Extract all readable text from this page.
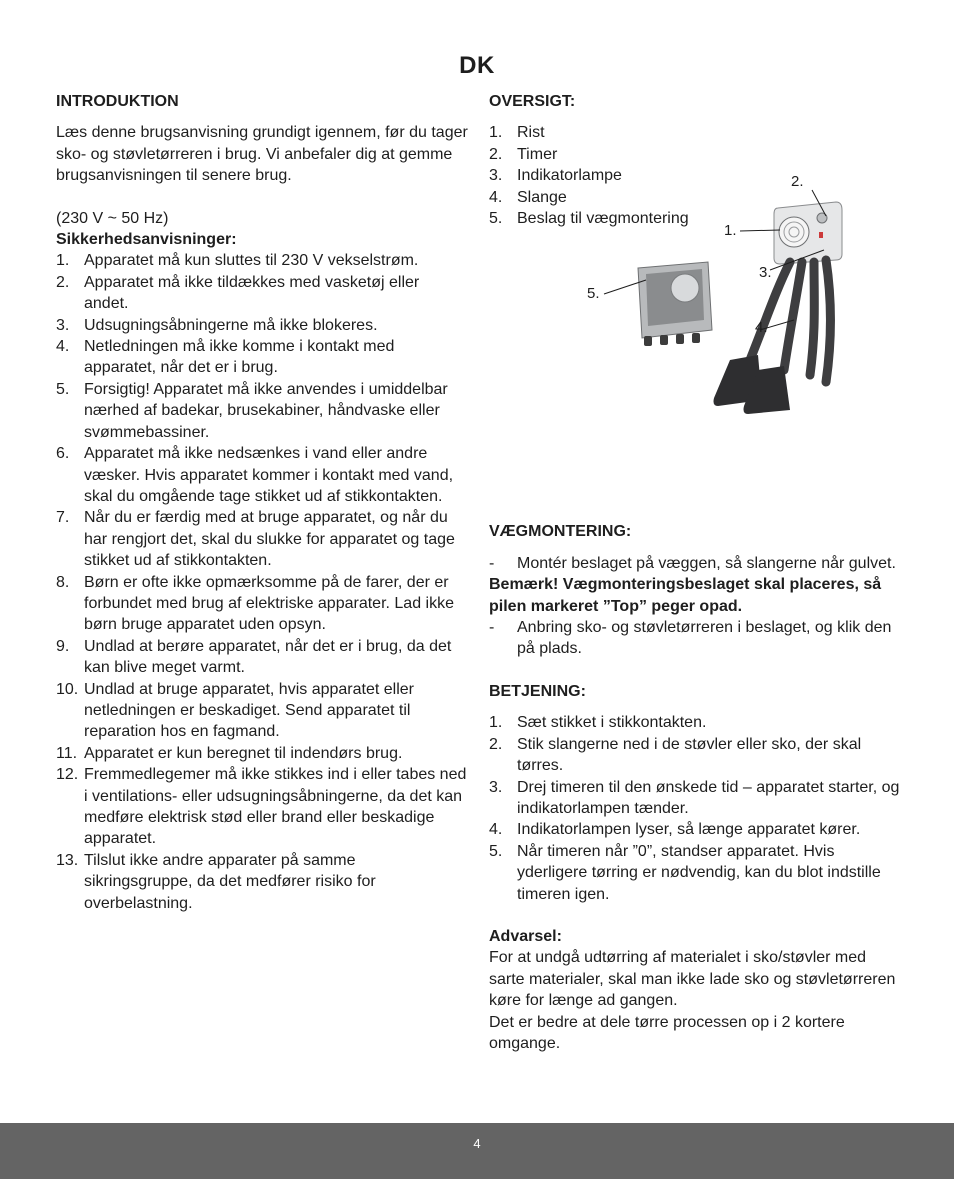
DK

INTRODUKTION

Læs denne brugsanvisning grundigt igennem, før du tager sko- og støvletørreren i brug. Vi anbefaler dig at gemme brugsanvisningen til senere brug.

(230 V ~ 50 Hz)

Sikkerhedsanvisninger:

1. Apparatet må kun sluttes til 230 V vekselstrøm.
2. Apparatet må ikke tildækkes med vasketøj eller andet.
3. Udsugningsåbningerne må ikke blokeres.
4. Netledningen må ikke komme i kontakt med apparatet, når det er i brug.
5. Forsigtig! Apparatet må ikke anvendes i umiddelbar nærhed af badekar, brusekabiner, håndvaske eller svømmebassiner.
6. Apparatet må ikke nedsænkes i vand eller andre væsker. Hvis apparatet kommer i kontakt med vand, skal du omgående tage stikket ud af stikkontakten.
7. Når du er færdig med at bruge apparatet, og når du har rengjort det, skal du slukke for apparatet og tage stikket ud af stikkontakten.
8. Børn er ofte ikke opmærksomme på de farer, der er forbundet med brug af elektriske apparater. Lad ikke børn bruge apparatet uden opsyn.
9. Undlad at berøre apparatet, når det er i brug, da det kan blive meget varmt.
10. Undlad at bruge apparatet, hvis apparatet eller netledningen er beskadiget. Send apparatet til reparation hos en fagmand.
11. Apparatet er kun beregnet til indendørs brug.
12. Fremmedlegemer må ikke stikkes ind i eller tabes ned i ventilations- eller udsugningsåbningerne, da det kan medføre elektrisk stød eller brand eller beskadige apparatet.
13. Tilslut ikke andre apparater på samme sikringsgruppe, da det medfører risiko for overbelastning.

OVERSIGT:

1. Rist
2. Timer
3. Indikatorlampe
4. Slange
5. Beslag til vægmontering

VÆGMONTERING:

- Montér beslaget på væggen, så slangerne når gulvet.

Bemærk! Vægmonteringsbeslaget skal placeres, så pilen markeret ”Top” peger opad.

- Anbring sko- og støvletørreren i beslaget, og klik den på plads.

BETJENING:

1. Sæt stikket i stikkontakten.
2. Stik slangerne ned i de støvler eller sko, der skal tørres.
3. Drej timeren til den ønskede tid – apparatet starter, og indikatorlampen tænder.
4. Indikatorlampen lyser, så længe apparatet kører.
5. Når timeren når ”0”, standser apparatet. Hvis yderligere tørring er nødvendig, kan du blot indstille timeren igen.

Advarsel:

For at undgå udtørring af materialet i sko/støvler med sarte materialer, skal man ikke lade sko og støvletørreren køre for længe ad gangen.

Det er bedre at dele tørre processen op i 2 kortere omgange.

1.
2.
3.
4.
5.
4
